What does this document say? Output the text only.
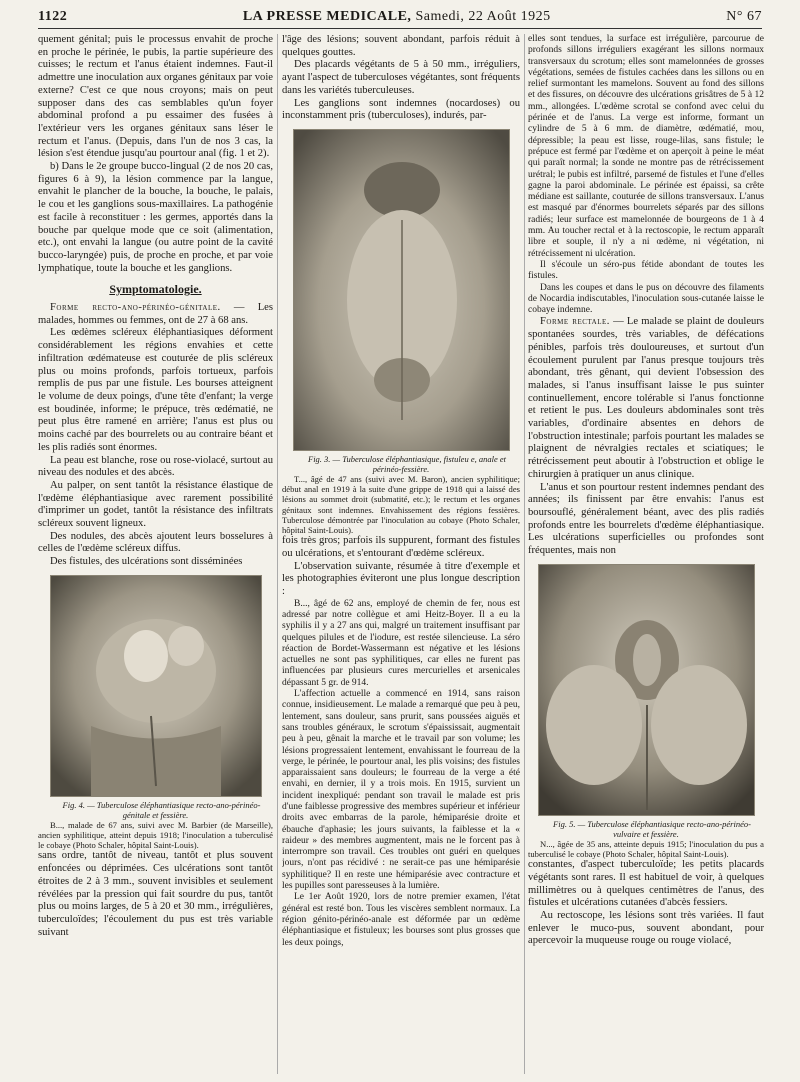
1122	LA PRESSE MEDICALE, Samedi, 22 Août 1925	N° 67

quement génital; puis le processus envahit de proche en proche le périnée, le pubis, la partie supérieure des cuisses; le rectum et l'anus étaient indemnes. Faut-il admettre une inoculation aux organes génitaux par voie externe? C'est ce que nous croyons; mais on peut supposer dans des cas semblables qu'un foyer abdominal profond a pu essaimer des fusées à l'extérieur vers les organes génitaux sans léser le rectum et l'anus. (Depuis, dans l'un de nos 3 cas, la lésion s'est étendue jusqu'au pourtour anal (fig. 1 et 2).

b) Dans le 2e groupe bucco-lingual (2 de nos 20 cas, figures 6 à 9), la lésion commence par la langue, envahit le plancher de la bouche, la bouche, le palais, le cou et les ganglions sous-maxillaires. La pathogénie est facile à reconstituer : les germes, apportés dans la bouche par quelque mode que ce soit (alimentation, etc.), ont envahi la langue (ou autre point de la cavité bucco-laryngée) puis, de proche en proche, et par voie lymphatique, toute la bouche et les ganglions.

Symptomatologie.

Forme recto-ano-périnéo-génitale. — Les malades, hommes ou femmes, ont de 27 à 68 ans.

Les œdèmes scléreux éléphantiasiques déforment considérablement les régions envahies et cette infiltration œdémateuse est couturée de plis scléreux plus ou moins profonds, parfois tortueux, parfois remplis de pus par une fistule. Les bourses atteignent le volume de deux poings, d'une tête d'enfant; la verge est boudinée, informe; le prépuce, très œdématié, ne peut plus être ramené en arrière; l'anus est plus ou moins caché par des bourrelets ou au contraire béant et les plis radiés sont énormes.

La peau est blanche, rose ou rose-violacé, surtout au niveau des nodules et des abcès.

Au palper, on sent tantôt la résistance élastique de l'œdème éléphantiasique avec rarement possibilité d'imprimer un godet, tantôt la résistance des infiltrats scléreux souvent ligneux.

Des nodules, des abcès ajoutent leurs bosselures à celles de l'œdème scléreux diffus.

Des fistules, des ulcérations sont disséminées

Fig. 4. — Tuberculose éléphantiasique recto-ano-périnéo-génitale et fessière.

B..., malade de 67 ans, suivi avec M. Barbier (de Marseille), ancien syphilitique, atteint depuis 1918; l'inoculation a tuberculisé le cobaye (Photo Schaler, hôpital Saint-Louis).

sans ordre, tantôt de niveau, tantôt et plus souvent enfoncées ou déprimées. Ces ulcérations sont tantôt étroites de 2 à 3 mm., souvent invisibles et seulement révélées par la pression qui fait sourdre du pus, tantôt plus ou moins larges, de 5 à 20 et 30 mm., irrégulières, tuberculoïdes; l'écoulement du pus est très variable suivant

l'âge des lésions; souvent abondant, parfois réduit à quelques gouttes.

Des placards végétants de 5 à 50 mm., irréguliers, ayant l'aspect de tuberculoses végétantes, sont fréquents dans les variétés tuberculeuses.

Les ganglions sont indemnes (nocardoses) ou inconstamment pris (tuberculoses), indurés, par-

Fig. 3. — Tuberculose éléphantiasique, fistuleu e, anale et périnéo-fessière.

T..., âgé de 47 ans (suivi avec M. Baron), ancien syphilitique; début anal en 1919 à la suite d'une grippe de 1918 qui a laissé des lésions au sommet droit (submatité, etc.); le rectum et les organes génitaux sont indemnes. Envahissement des régions fessières. Tuberculose démontrée par l'inoculation au cobaye (Photo Schaler, hôpital Saint-Louis).

fois très gros; parfois ils suppurent, formant des fistules ou ulcérations, et s'entourant d'œdème scléreux.

L'observation suivante, résumée à titre d'exemple et les photographies éviteront une plus longue description :

B..., âgé de 62 ans, employé de chemin de fer, nous est adressé par notre collègue et ami Heitz-Boyer. Il a eu la syphilis il y a 27 ans qui, malgré un traitement insuffisant par quelques pilules et de l'iodure, est restée silencieuse. La séro réaction de Bordet-Wassermann est négative et les lésions actuelles ne sont pas syphilitiques, car elles ne furent pas influencées par plusieurs cures mercurielles et arsenicales dépassant 5 gr. de 914.

L'affection actuelle a commencé en 1914, sans raison connue, insidieusement. Le malade a remarqué que peu à peu, lentement, sans douleur, sans prurit, sans poussées aiguës et sans troubles généraux, le scrotum s'épaississait, augmentait peu à peu, gênait la marche et le travail par son volume; les lésions progressaient lentement, envahissant le fourreau de la verge, le périnée, le pourtour anal, les plis voisins; des fistules apparaissaient sans douleurs; le fourreau de la verge a été envahi, en dernier, il y a trois mois. En 1915, survient un incident inexpliqué: pendant son travail le malade est pris d'une faiblesse progressive des membres supérieur et inférieur droits avec embarras de la parole, hémiparésie droite et ébauche d'aphasie; les jours suivants, la faiblesse et la « raideur » des membres augmentent, mais ne le forcent pas à interrompre son travail. Ces troubles ont guéri en quelques jours, n'ont pas récidivé : ne serait-ce pas une hémiparésie syphilitique? Il en reste une hémiparésie avec contracture et les pupilles sont paresseuses à la lumière.

Le 1er Août 1920, lors de notre premier examen, l'état général est resté bon. Tous les viscères semblent normaux. La région génito-périnéo-anale est déformée par un œdème éléphantiasique et fistuleux; les bourses sont plus grosses que les deux poings,

elles sont tendues, la surface est irrégulière, parcourue de profonds sillons irréguliers exagérant les sillons normaux transversaux du scrotum; elles sont mamelonnées de grosses végétations, semées de fistules cachées dans les sillons ou en relief surmontant les mamelons. Souvent au fond des sillons et des fissures, on découvre des ulcérations grisâtres de 5 à 12 mm., allongées. L'œdème scrotal se confond avec celui du périnée et de l'anus. La verge est informe, formant un cylindre de 5 à 6 mm. de diamètre, œdématié, mou, dépressible; la peau est lisse, rouge-lilas, sans fistule; le prépuce est fermé par l'œdème et on aperçoit à peine le méat qui paraît normal; la sonde ne montre pas de rétrécissement urétral; le pubis est infiltré, parsemé de fistules et l'une d'elles gagne la paroi abdominale. Le périnée est épaissi, sa crête médiane est saillante, couturée de sillons transversaux. L'anus est masqué par d'énormes bourrelets séparés par des sillons radiés; leur surface est mamelonnée de bourgeons de 1 à 4 mm. Au toucher rectal et à la rectoscopie, le rectum apparaît libre et souple, il n'y a ni œdème, ni végétation, ni rétrécissement ni ulcération.

Il s'écoule un séro-pus fétide abondant de toutes les fistules.

Dans les coupes et dans le pus on découvre des filaments de Nocardia indiscutables, l'inoculation sous-cutanée laisse le cobaye indemne.

Forme rectale. — Le malade se plaint de douleurs spontanées sourdes, très variables, de défécations pénibles, parfois très douloureuses, et surtout d'un écoulement purulent par l'anus presque toujours très abondant, très gênant, qui devient l'obsession des malades, si l'anus insuffisant laisse le pus suinter continuellement, encore tolérable si l'anus fonctionne et retient le pus. Les douleurs abdominales sont très variables, d'ordinaire absentes en dehors de l'obstruction intestinale; parfois pourtant les malades se plaignent de névralgies rectales et sciatiques; le rétrécissement peut aboutir à l'obstruction et oblige le chirurgien à pratiquer un anus clinique.

L'anus et son pourtour restent indemnes pendant des années; ils finissent par être envahis: l'anus est boursouflé, généralement béant, avec des plis radiés profonds entre les bourrelets d'œdème éléphantiasique. Les ulcérations superficielles ou profondes sont fréquentes, mais non

Fig. 5. — Tuberculose éléphantiasique recto-ano-périnéo-vulvaire et fessière.

N..., âgée de 35 ans, atteinte depuis 1915; l'inoculation du pus a tuberculisé le cobaye (Photo Schaler, hôpital Saint-Louis).

constantes, d'aspect tuberculoïde; les petits placards végétants sont rares. Il est habituel de voir, à quelques millimètres ou à quelques centimètres de l'anus, des fistules et ulcérations cutanées d'abcès fessiers.

Au rectoscope, les lésions sont très variées. Il faut enlever le muco-pus, souvent abondant, pour apercevoir la muqueuse rouge ou rouge violacé,
